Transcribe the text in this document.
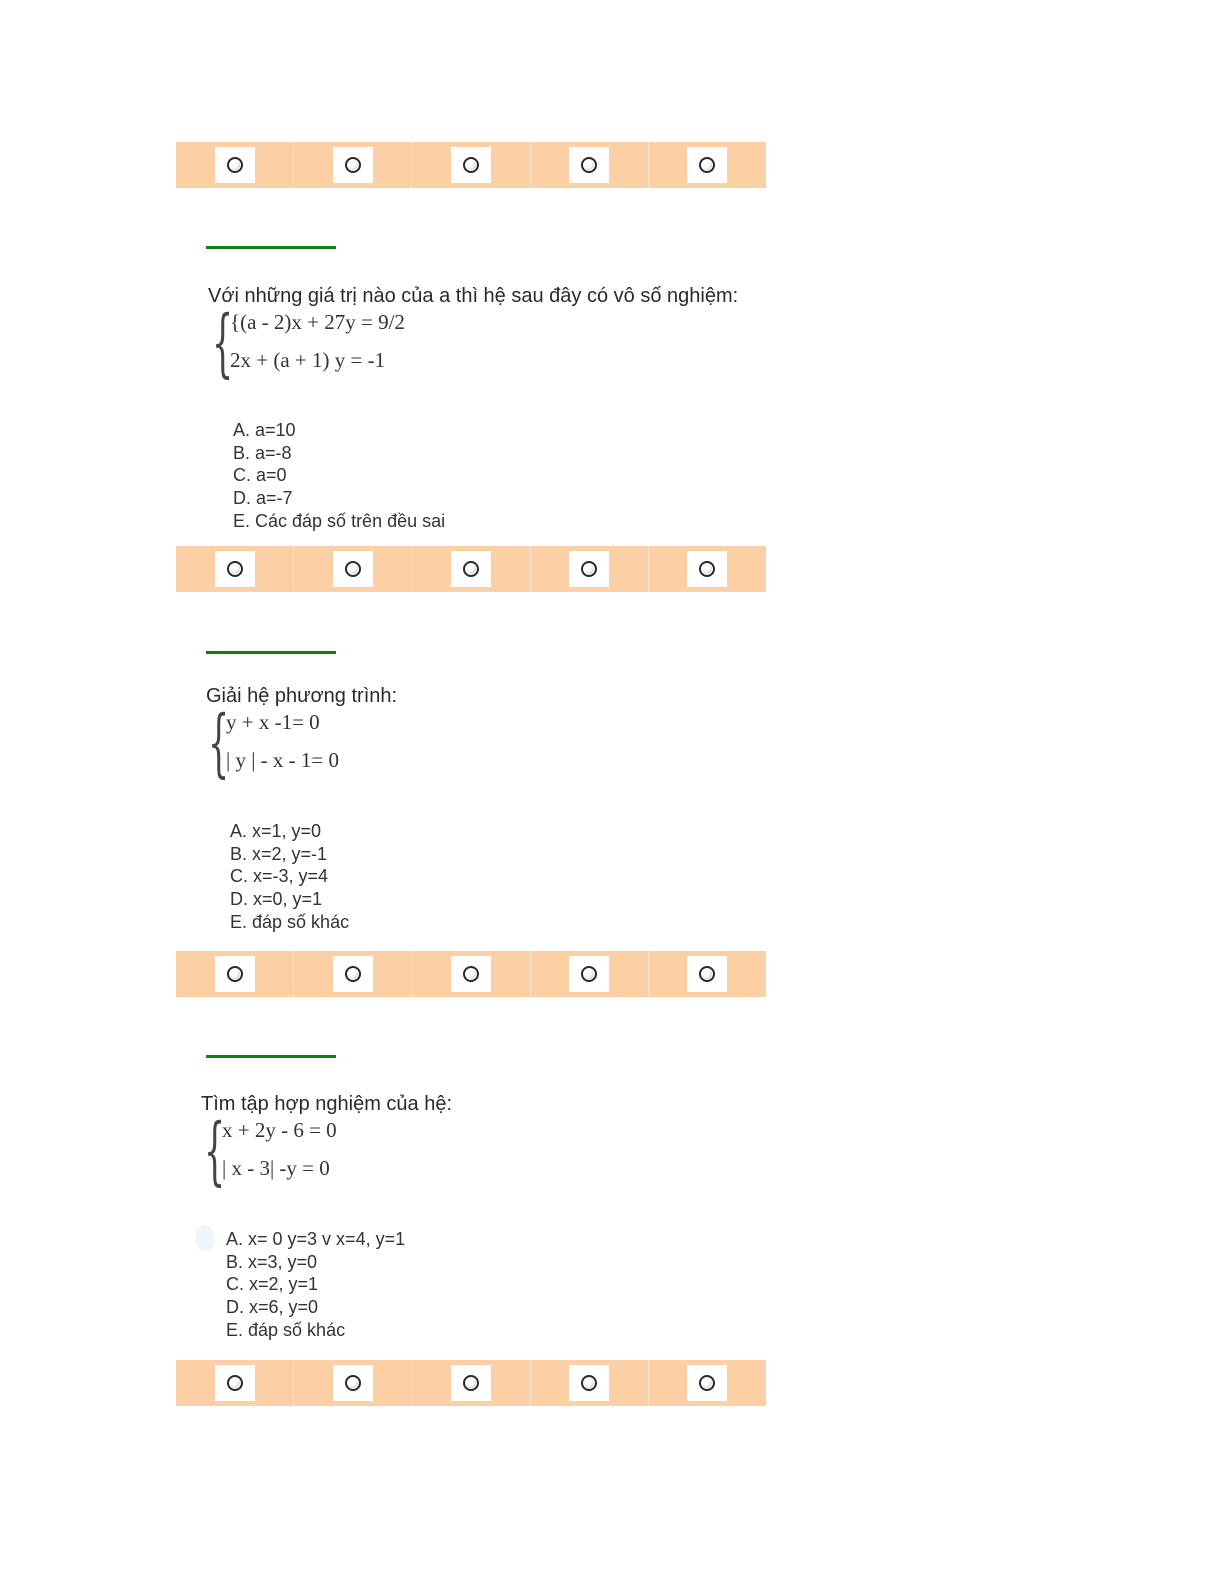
Với những giá trị nào của a thì hệ sau đây có vô số nghiệm:
{
{(a - 2)x + 27y = 9/2
2x + (a + 1) y = -1
A. a=10
B. a=-8
C. a=0
D. a=-7
E. Các đáp số trên đều sai
Giải hệ phương trình:
{
y + x -1= 0
| y | - x - 1= 0
A. x=1, y=0
B. x=2, y=-1
C. x=-3, y=4
D. x=0, y=1
E. đáp số khác
Tìm tập hợp nghiệm của hệ:
{
x + 2y - 6 = 0
| x - 3| -y = 0
A. x= 0 y=3 v x=4, y=1
B. x=3, y=0
C. x=2, y=1
D. x=6, y=0
E. đáp số khác
